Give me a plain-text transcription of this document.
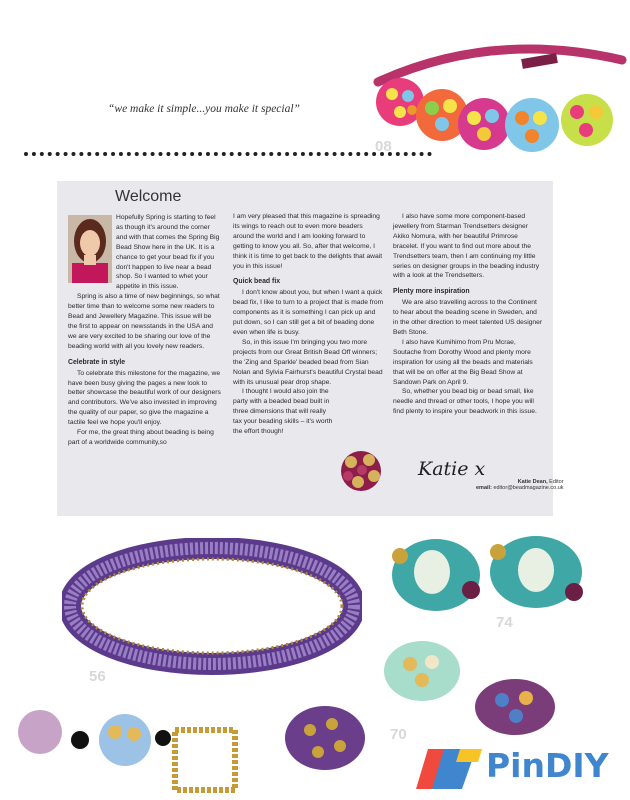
“we make it simple...you make it special”
08
Welcome

Hopefully Spring is starting to feel as though it's around the corner and with that comes the Spring Big Bead Show here in the UK. It is a chance to get your bead fix if you don't happen to live near a bead shop. So I wanted to whet your appetite in this issue.

Spring is also a time of new beginnings, so what better time than to welcome some new readers to Bead and Jewellery Magazine. This issue will be the first to appear on newsstands in the USA and we are very excited to be sharing our love of the beading world with all you lovely new readers.

Celebrate in style

To celebrate this milestone for the magazine, we have been busy giving the pages a new look to better showcase the beautiful work of our designers and contributors. We've also invested in improving the quality of our paper, so give the magazine a tactile feel we hope you'll enjoy.

For me, the great thing about beading is being part of a worldwide community,so

I am very pleased that this magazine is spreading its wings to reach out to even more beaders around the world and I am looking forward to getting to know you all. So, after that welcome, I think it is time to get back to the delights that await you in this issue!

Quick bead fix

I don't know about you, but when I want a quick bead fix, I like to turn to a project that is made from components as it is something I can pick up and put down, so I can still get a bit of beading done even when life is busy.

So, in this issue I'm bringing you two more projects from our Great British Bead Off winners; the 'Zing and Sparkle' beaded bead from Sian Nolan and Sylvia Fairhurst's beautiful Crystal bead with its unusual pear drop shape.

I thought I would also join the party with a beaded bead built in three dimensions that will really tax your beading skills – it's worth the effort though!

I also have some more component-based jewellery from Starman Trendsetters designer Akiko Nomura, with her beautiful Primrose bracelet. If you want to find out more about the Trendsetters team, then I am continuing my little series on designer groups in the beading industry with a look at the Trendsetters.

Plenty more inspiration

We are also travelling across to the Continent to hear about the beading scene in Sweden, and in the other direction to meet talented US designer Beth Stone.

I also have Kumihimo from Pru Mcrae, Soutache from Dorothy Wood and plenty more inspiration for using all the beads and materials that will be on offer at the Big Bead Show at Sandown Park on April 9.

So, whether you bead big or bead small, like needle and thread or other tools, I hope you will find plenty to inspire your beadwork in this issue.

Katie x
Katie Dean, Editor
email: editor@beadmagazine.co.uk
56
74
70
PinDIY
